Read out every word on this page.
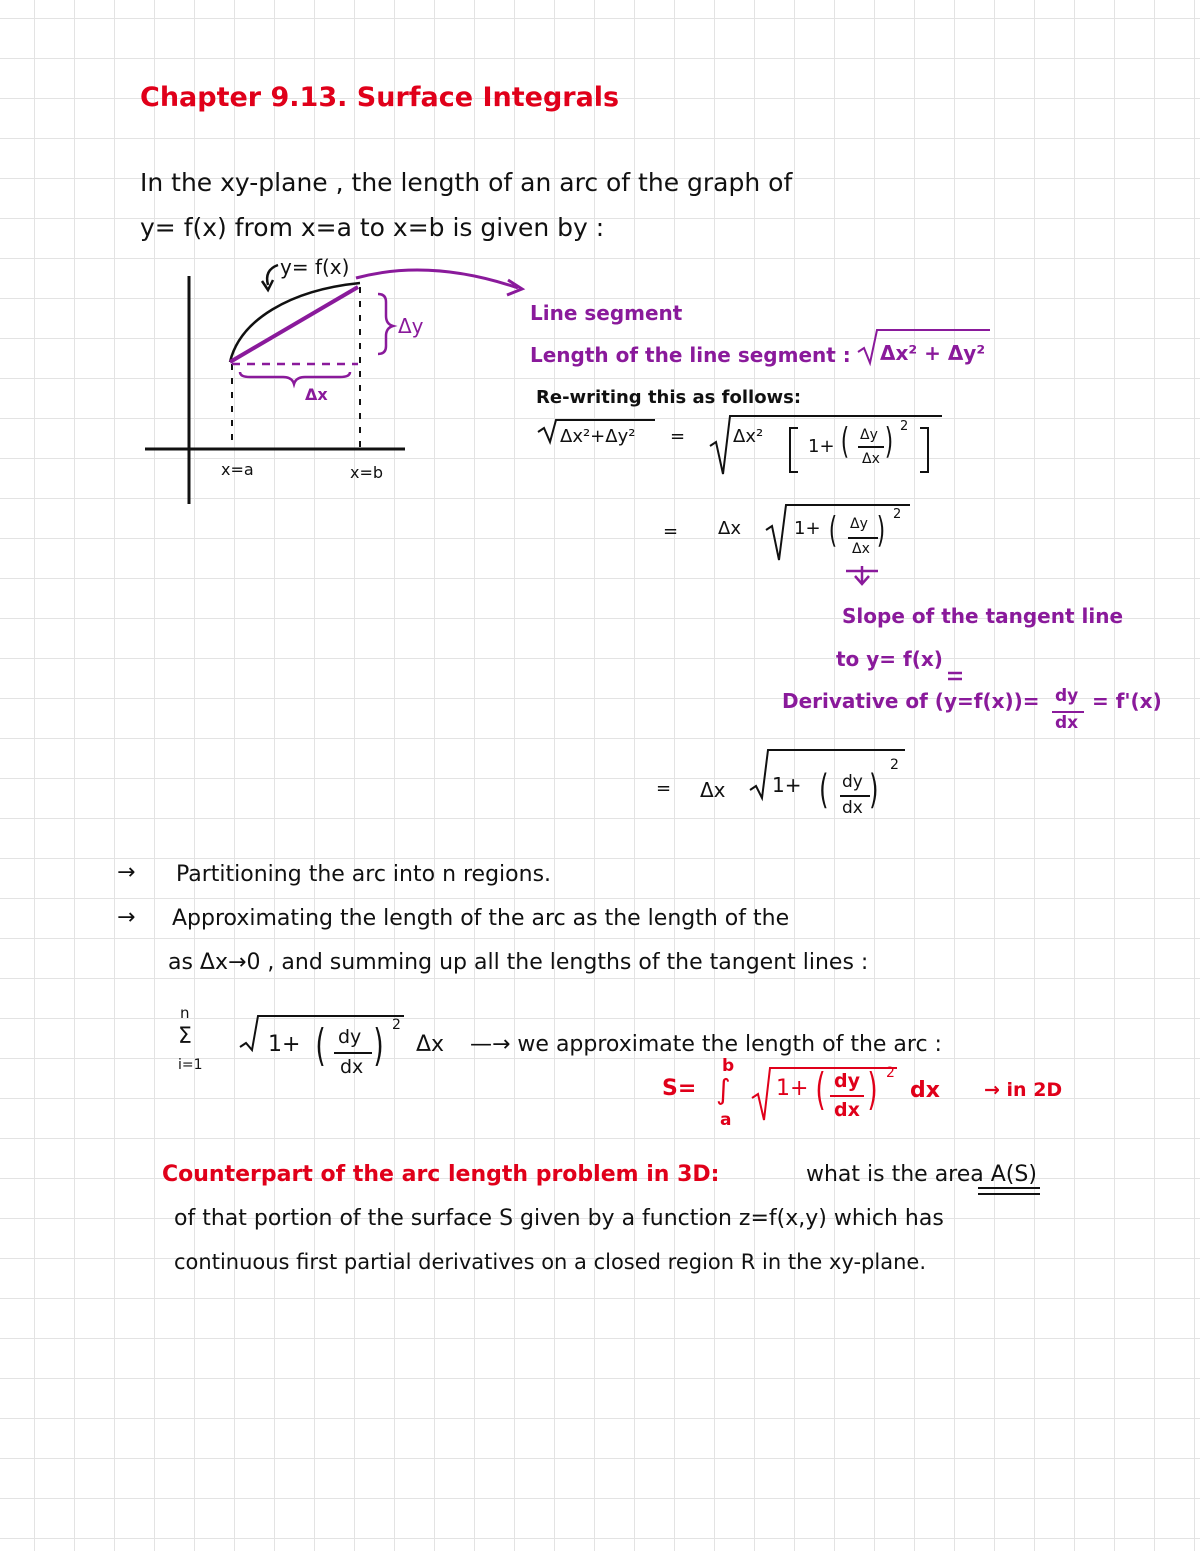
Chapter 9.13. Surface Integrals
In the xy-plane , the length of an arc of the graph of
y= f(x) from x=a to x=b is given by :
y= f(x)
Δy
Δx
x=a	x=b
Line segment
Length of the line segment : Δx² + Δy²
Re-writing this as follows:
Δx²+Δy² =	Δx² 1+ ( Δy
Δx ) 2
= Δx	1+ ( Δy
Δx ) 2
Slope of the tangent line
to y= f(x)
Derivative of (y=f(x))= dy
dx
= f'(x)
= Δx 1+ ( dy
dx )
2
→ Partitioning the arc into n regions.
→ Approximating the length of the arc as the length of the
as Δx→0 , and summing up all the lengths of the tangent lines :
n
Σ
i=1
1+ ( dy
dx ) 2
Δx —→ we approximate the length of the arc :
S=
b
∫
a
1+ ( dy
dx ) 2
dx → in 2D
Counterpart of the arc length problem in 3D:	what is the area A(S)
of that portion of the surface S given by a function z=f(x,y) which has
continuous first partial derivatives on a closed region R in the xy-plane.
